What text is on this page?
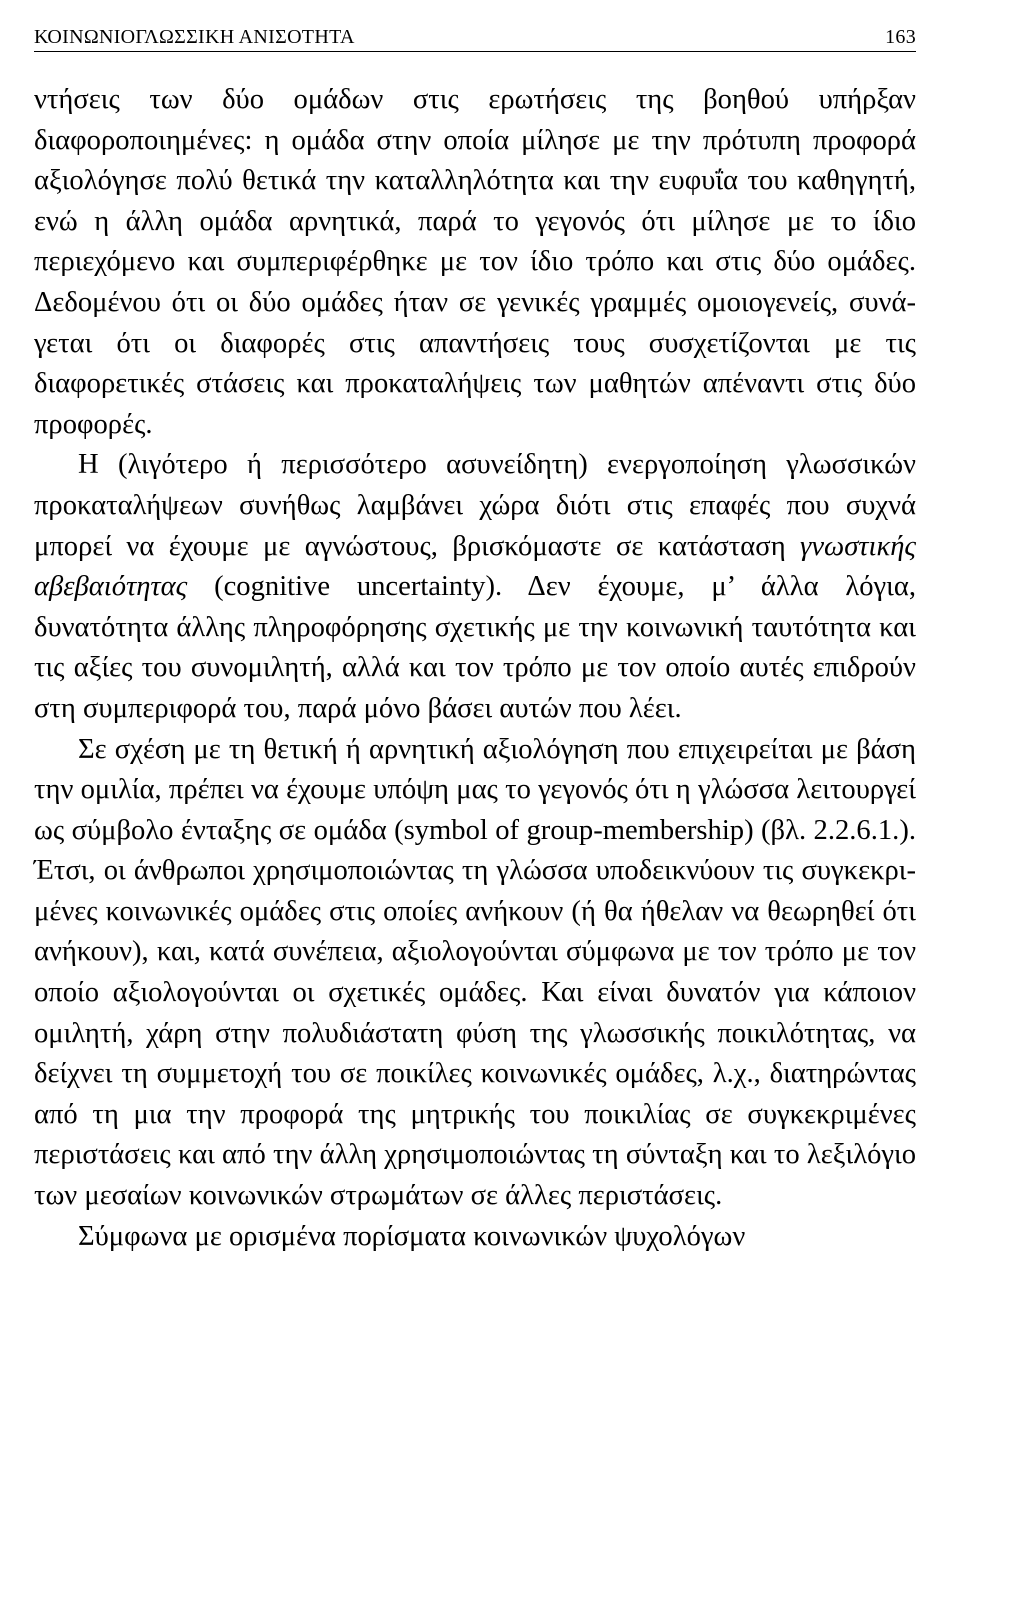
ΚΟΙΝΩΝΙΟΓΛΩΣΣΙΚΗ ΑΝΙΣΟΤΗΤΑ	163

ντήσεις των δύο ομάδων στις ερωτήσεις της βοηθού υπήρξαν διαφοροποιημένες: η ομάδα στην οποία μίλησε με την πρότυπη προφορά αξιολόγησε πολύ θετικά την καταλληλότητα και την ευφυΐα του καθηγητή, ενώ η άλλη ομάδα αρνητικά, παρά το γεγονός ότι μίλησε με το ίδιο περιεχόμενο και συμπεριφέρθηκε με τον ίδιο τρόπο και στις δύο ομάδες. Δεδομένου ότι οι δύο ομάδες ήταν σε γενικές γραμμές ομοιογενείς, συνάγεται ότι οι διαφορές στις απαντήσεις τους συσχετίζονται με τις διαφορετικές στάσεις και προκαταλήψεις των μαθητών απέναντι στις δύο προφορές.

Η (λιγότερο ή περισσότερο ασυνείδητη) ενεργοποίηση γλωσσικών προκαταλήψεων συνήθως λαμβάνει χώρα διότι στις επαφές που συχνά μπορεί να έχουμε με αγνώστους, βρισκόμαστε σε κατάσταση γνωστικής αβεβαιότητας (cognitive uncertainty). Δεν έχουμε, μ’ άλλα λόγια, δυνατότητα άλλης πληροφόρησης σχετικής με την κοινωνική ταυτότητα και τις αξίες του συνομιλητή, αλλά και τον τρόπο με τον οποίο αυτές επιδρούν στη συμπεριφορά του, παρά μόνο βάσει αυτών που λέει.

Σε σχέση με τη θετική ή αρνητική αξιολόγηση που επιχειρείται με βάση την ομιλία, πρέπει να έχουμε υπόψη μας το γεγονός ότι η γλώσσα λειτουργεί ως σύμβολο ένταξης σε ομάδα (symbol of group-membership) (βλ. 2.2.6.1.). Έτσι, οι άνθρωποι χρησιμοποιώντας τη γλώσσα υποδεικνύουν τις συγκεκριμένες κοινωνικές ομάδες στις οποίες ανήκουν (ή θα ήθελαν να θεωρηθεί ότι ανήκουν), και, κατά συνέπεια, αξιολογούνται σύμφωνα με τον τρόπο με τον οποίο αξιολογούνται οι σχετικές ομάδες. Και είναι δυνατόν για κάποιον ομιλητή, χάρη στην πολυδιάστατη φύση της γλωσσικής ποικιλότητας, να δείχνει τη συμμετοχή του σε ποικίλες κοινωνικές ομάδες, λ.χ., διατηρώντας από τη μια την προφορά της μητρικής του ποικιλίας σε συγκεκριμένες περιστάσεις και από την άλλη χρησιμοποιώντας τη σύνταξη και το λεξιλόγιο των μεσαίων κοινωνικών στρωμάτων σε άλλες περιστάσεις.

Σύμφωνα με ορισμένα πορίσματα κοινωνικών ψυχολόγων
